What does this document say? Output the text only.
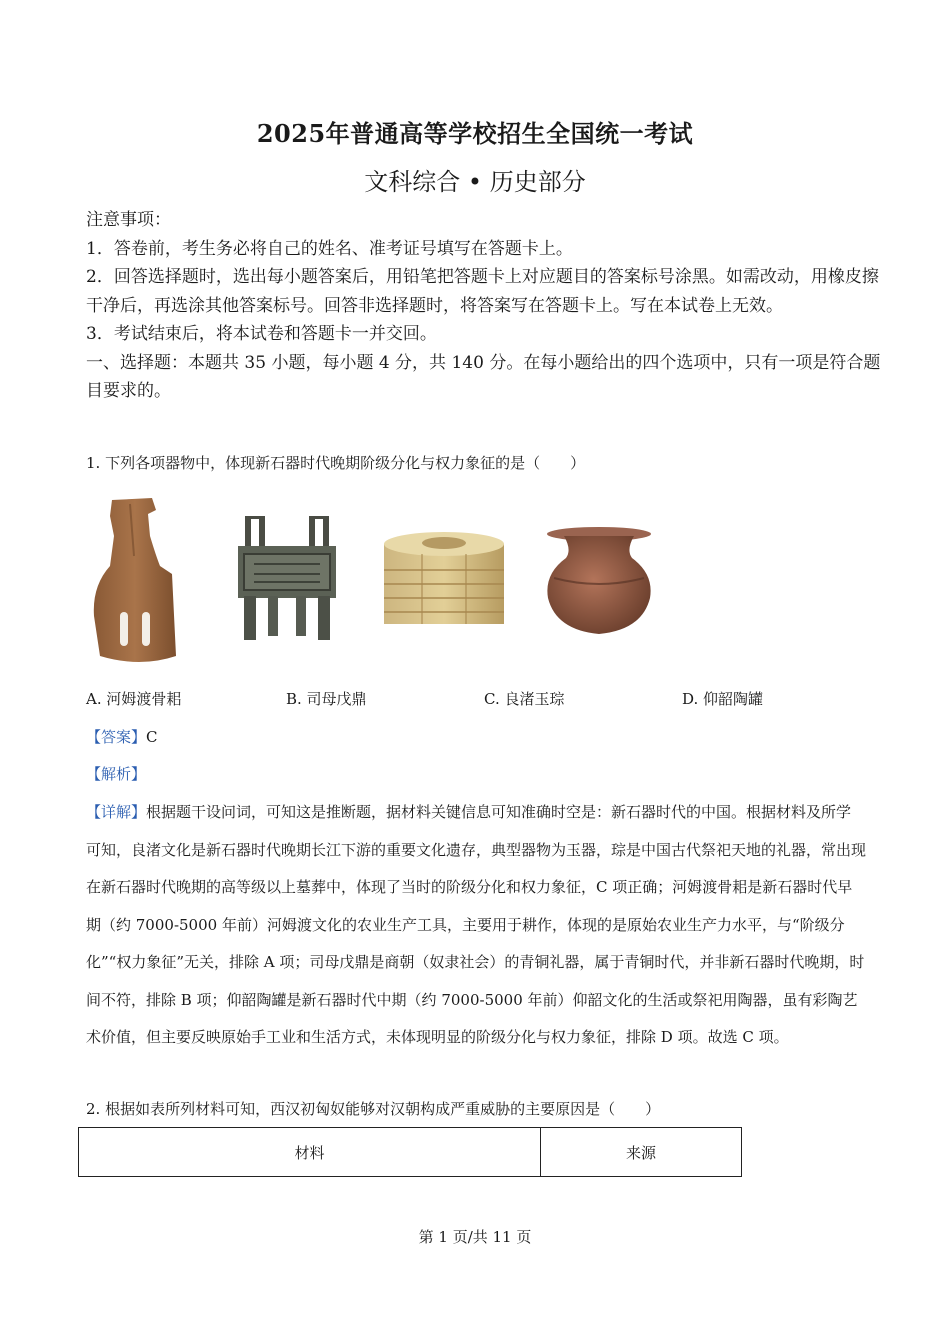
2025年普通高等学校招生全国统一考试
文科综合 • 历史部分

注意事项：

1．答卷前，考生务必将自己的姓名、准考证号填写在答题卡上。

2．回答选择题时，选出每小题答案后，用铅笔把答题卡上对应题目的答案标号涂黑。如需改动，用橡皮擦干净后，再选涂其他答案标号。回答非选择题时，将答案写在答题卡上。写在本试卷上无效。

3．考试结束后，将本试卷和答题卡一并交回。

一、选择题：本题共 35 小题，每小题 4 分，共 140 分。在每小题给出的四个选项中，只有一项是符合题目要求的。

1. 下列各项器物中，体现新石器时代晚期阶级分化与权力象征的是（　　）
A. 河姆渡骨耜	B. 司母戊鼎	C. 良渚玉琮	D. 仰韶陶罐
【答案】C
【解析】
【详解】根据题干设问词，可知这是推断题，据材料关键信息可知准确时空是：新石器时代的中国。根据材料及所学可知，良渚文化是新石器时代晚期长江下游的重要文化遗存，典型器物为玉器，琮是中国古代祭祀天地的礼器，常出现在新石器时代晚期的高等级以上墓葬中，体现了当时的阶级分化和权力象征，C 项正确；河姆渡骨耜是新石器时代早期（约 7000-5000 年前）河姆渡文化的农业生产工具，主要用于耕作，体现的是原始农业生产力水平，与“阶级分化”“权力象征”无关，排除 A 项；司母戊鼎是商朝（奴隶社会）的青铜礼器，属于青铜时代，并非新石器时代晚期，时间不符，排除 B 项；仰韶陶罐是新石器时代中期（约 7000-5000 年前）仰韶文化的生活或祭祀用陶器，虽有彩陶艺术价值，但主要反映原始手工业和生活方式，未体现明显的阶级分化与权力象征，排除 D 项。故选 C 项。
2. 根据如表所列材料可知，西汉初匈奴能够对汉朝构成严重威胁的主要原因是（　　）
材料	来源
第 1 页/共 11 页
